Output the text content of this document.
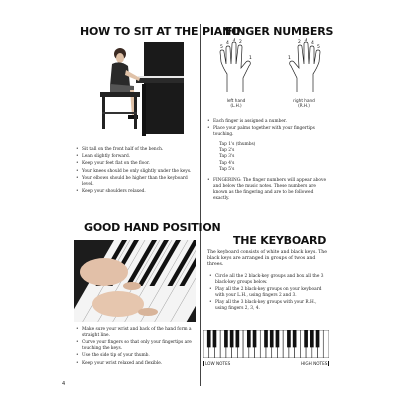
HOW TO SIT AT THE PIANO
• Sit tall on the front half of the bench.
• Lean slightly forward.
• Keep your feet flat on the floor.
• Your knees should be only slightly under the keys.
• Your elbows should be higher than the keyboard level.
• Keep your shoulders relaxed.
GOOD HAND POSITION
• Make sure your wrist and back of the hand form a straight line.
• Curve your fingers so that only your fingertips are touching the keys.
• Use the side tip of your thumb.
• Keep your wrist relaxed and flexible.
FINGER NUMBERS
5
4
3 2
1	1
2 3
4
5
left hand
(L.H.)
right hand
(R.H.)
• Each finger is assigned a number.
• Place your palms together with your fingertips touching.
Tap 1's (thumbs)
Tap 2's
Tap 3's
Tap 4's
Tap 5's
• FINGERING: The finger numbers will appear above and below the music notes. These numbers are known as the fingering and are to be followed exactly.
THE KEYBOARD
The keyboard consists of white and black keys. The black keys are arranged in groups of twos and threes.
• Circle all the 2 black-key groups and box all the 3 black-key groups below.
• Play all the 2 black-key groups on your keyboard with your L.H., using fingers 2 and 3.
• Play all the 3 black-key groups with your R.H., using fingers 2, 3, 4.
LOW NOTES	HIGH NOTES
4
